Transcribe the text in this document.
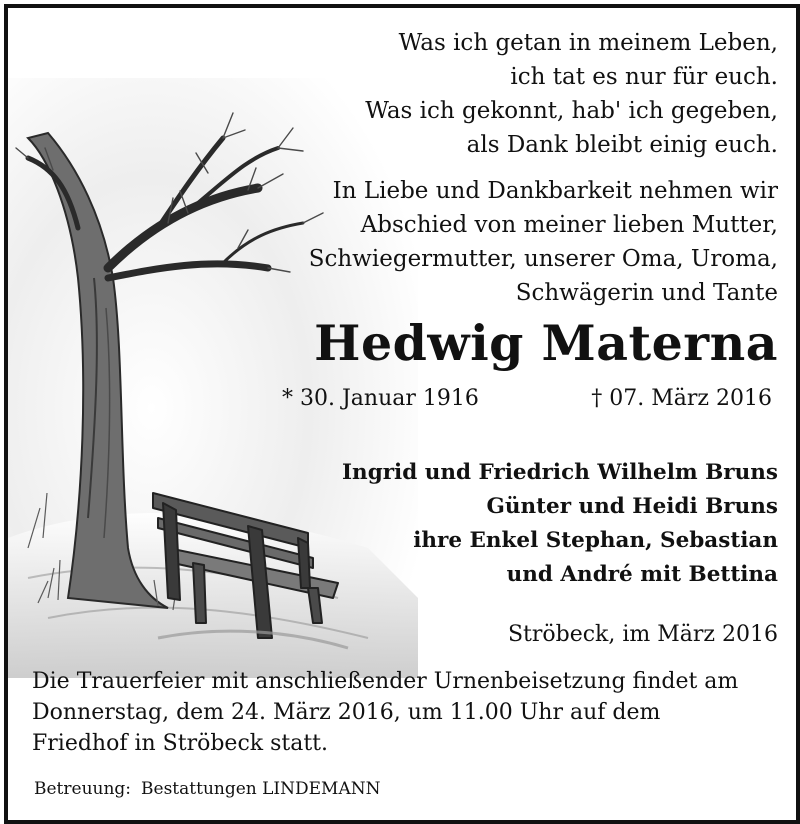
Was ich getan in meinem Leben,
ich tat es nur für euch.
Was ich gekonnt, hab' ich gegeben,
als Dank bleibt einig euch.
In Liebe und Dankbarkeit nehmen wir
Abschied von meiner lieben Mutter,
Schwiegermutter, unserer Oma, Uroma,
Schwägerin und Tante
Hedwig Materna
* 30. Januar 1916	† 07. März 2016
Ingrid und Friedrich Wilhelm Bruns
Günter und Heidi Bruns
ihre Enkel Stephan, Sebastian
und André mit Bettina
Ströbeck, im März 2016
Die Trauerfeier mit anschließender Urnenbeisetzung findet am
Donnerstag, dem 24. März 2016, um 11.00 Uhr auf dem
Friedhof in Ströbeck statt.
Betreuung: Bestattungen LINDEMANN
